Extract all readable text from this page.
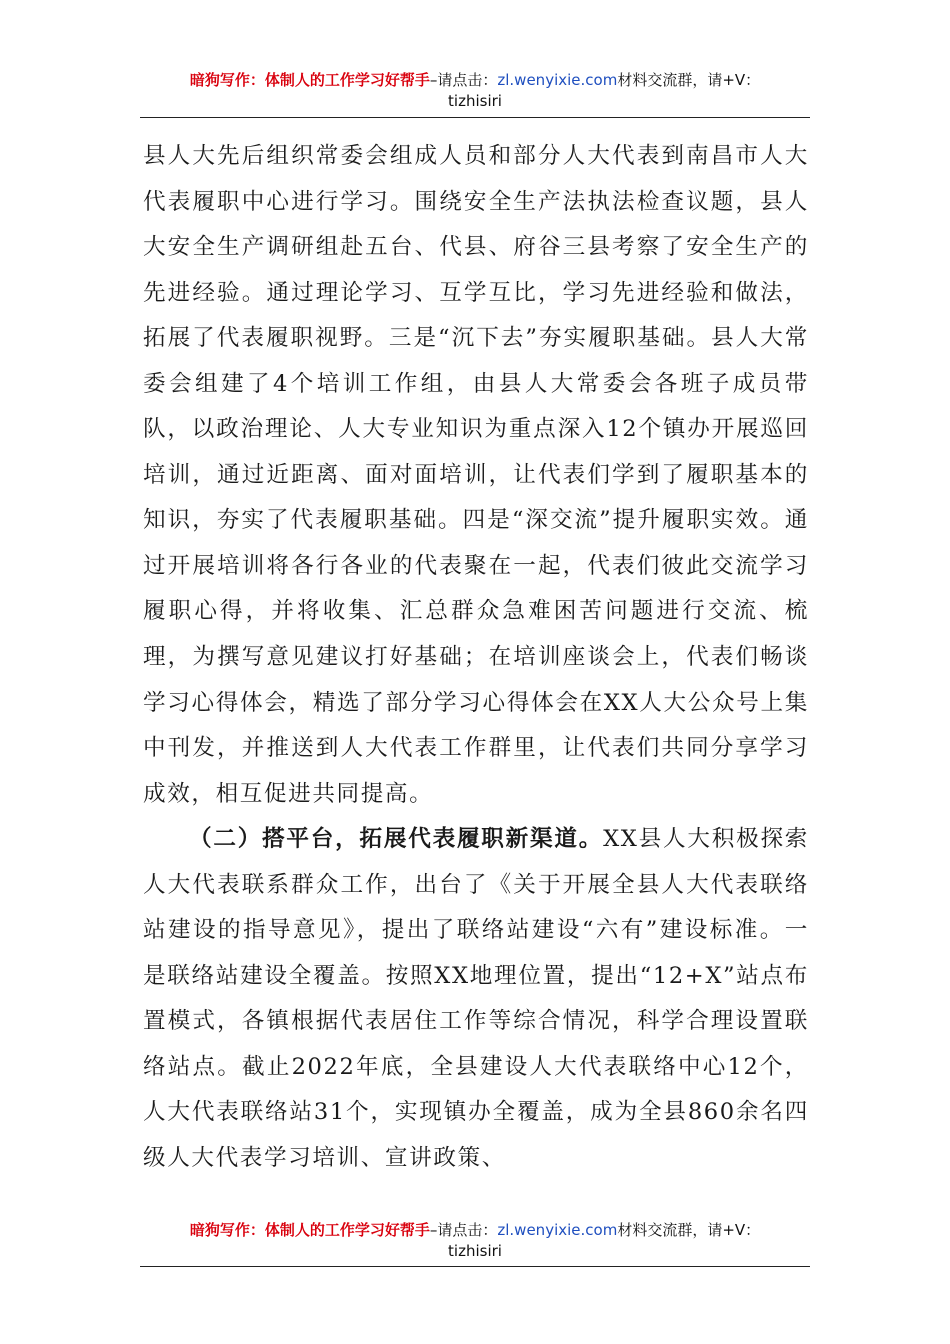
暗狗写作：体制人的工作学习好帮手–请点击：zl.wenyixie.com材料交流群，请+V：
tizhisiri

县人大先后组织常委会组成人员和部分人大代表到南昌市人大代表履职中心进行学习。围绕安全生产法执法检查议题，县人大安全生产调研组赴五台、代县、府谷三县考察了安全生产的先进经验。通过理论学习、互学互比，学习先进经验和做法，拓展了代表履职视野。三是“沉下去”夯实履职基础。县人大常委会组建了4个培训工作组，由县人大常委会各班子成员带队，以政治理论、人大专业知识为重点深入12个镇办开展巡回培训，通过近距离、面对面培训，让代表们学到了履职基本的知识，夯实了代表履职基础。四是“深交流”提升履职实效。通过开展培训将各行各业的代表聚在一起，代表们彼此交流学习履职心得，并将收集、汇总群众急难困苦问题进行交流、梳理，为撰写意见建议打好基础；在培训座谈会上，代表们畅谈学习心得体会，精选了部分学习心得体会在XX人大公众号上集中刊发，并推送到人大代表工作群里，让代表们共同分享学习成效，相互促进共同提高。

（二）搭平台，拓展代表履职新渠道。XX县人大积极探索人大代表联系群众工作，出台了《关于开展全县人大代表联络站建设的指导意见》，提出了联络站建设“六有”建设标准。一是联络站建设全覆盖。按照XX地理位置，提出“12+X”站点布置模式，各镇根据代表居住工作等综合情况，科学合理设置联络站点。截止2022年底，全县建设人大代表联络中心12个，人大代表联络站31个，实现镇办全覆盖，成为全县860余名四级人大代表学习培训、宣讲政策、

暗狗写作：体制人的工作学习好帮手–请点击：zl.wenyixie.com材料交流群，请+V：
tizhisiri
